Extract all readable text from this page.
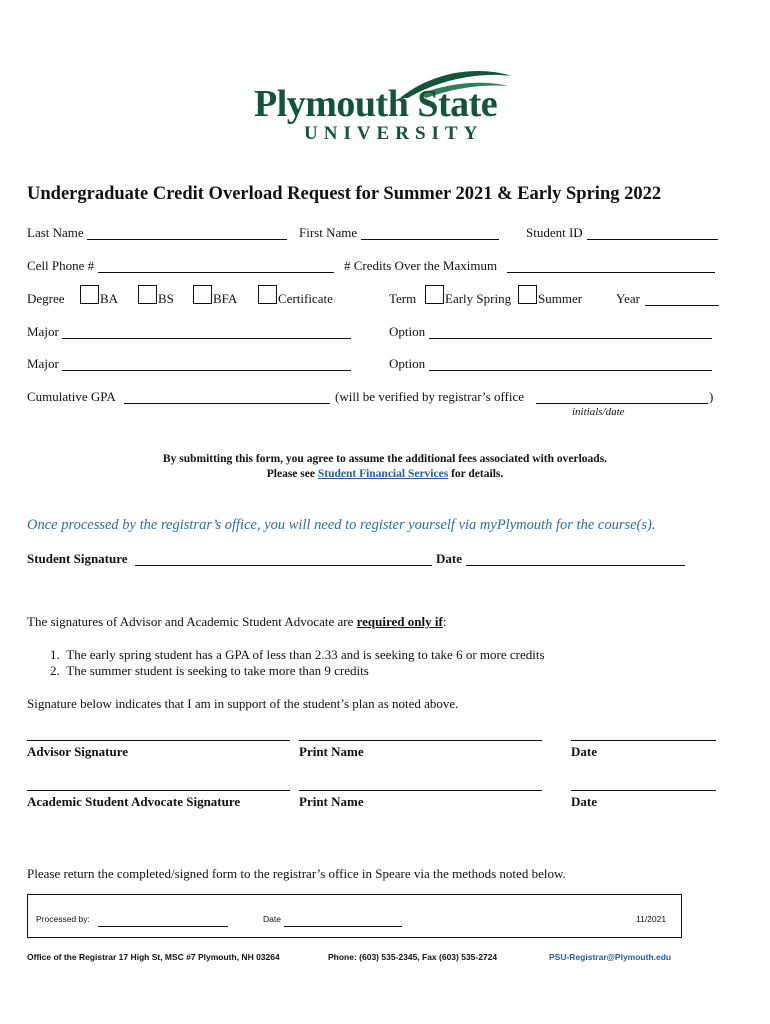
Plymouth State
UNIVERSITY
Undergraduate Credit Overload Request for Summer 2021 & Early Spring 2022
Last Name	First Name	Student ID
Cell Phone #	# Credits Over the Maximum
Degree	BA	BS	BFA	Certificate	Term Early Spring Summer	Year
Major	Option
Major	Option
Cumulative GPA	(will be verified by registrar’s office	)
initials/date
By submitting this form, you agree to assume the additional fees associated with overloads.
Please see Student Financial Services for details.
Once processed by the registrar’s office, you will need to register yourself via myPlymouth for the course(s).
Student Signature	Date
The signatures of Advisor and Academic Student Advocate are required only if:
1.  The early spring student has a GPA of less than 2.33 and is seeking to take 6 or more credits
2.  The summer student is seeking to take more than 9 credits
Signature below indicates that I am in support of the student’s plan as noted above.
Advisor Signature	Print Name	Date
Academic Student Advocate Signature	Print Name	Date
Please return the completed/signed form to the registrar’s office in Speare via the methods noted below.
Processed by:	Date	11/2021
Office of the Registrar 17 High St, MSC #7 Plymouth, NH 03264	Phone: (603) 535-2345, Fax (603) 535-2724	PSU-Registrar@Plymouth.edu
